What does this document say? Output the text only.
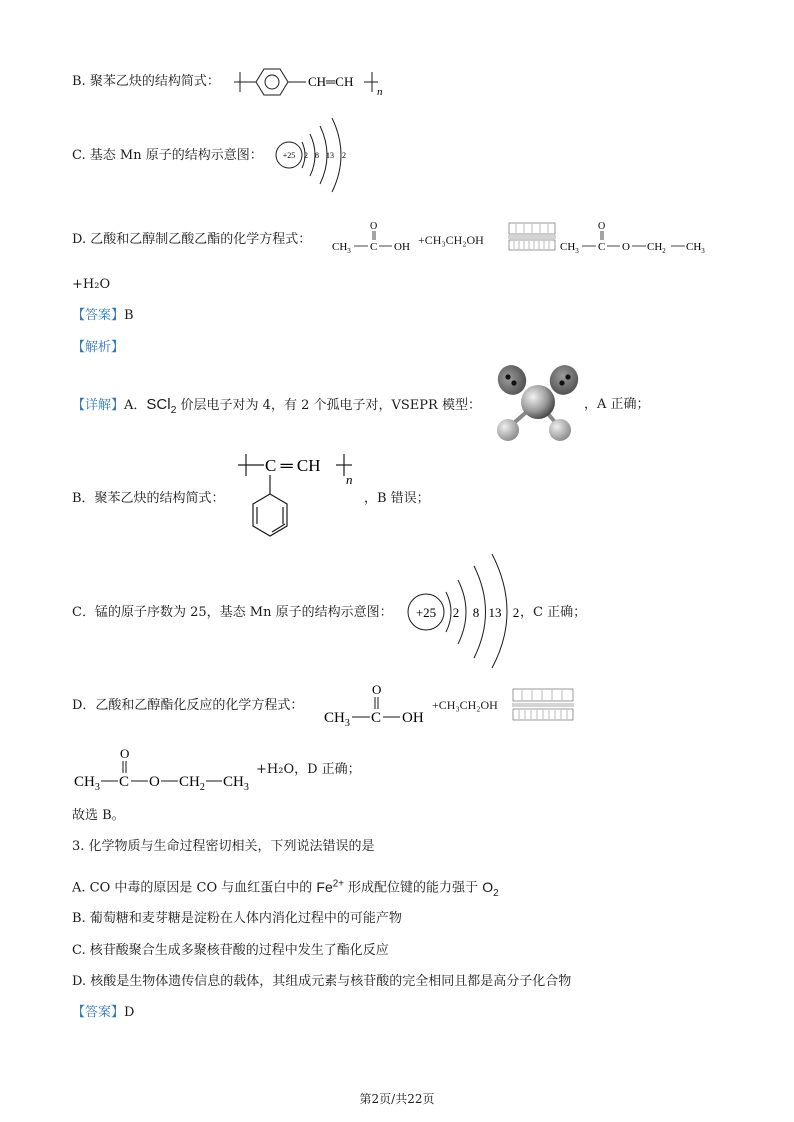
B. 聚苯乙炔的结构简式：	CH═CH
n
C. 基态 Mn 原子的结构示意图：	+25 2 8 13 2
D. 乙酸和乙醇制乙酸乙酯的化学方程式：
O
$CH_3$ C OH +CH₃CH₂OH
O
$CH_3$ C O $CH_2$ $CH_3$
+H₂O
【答案】B
【解析】
【详解】A．SCl$_2$ 价层电子对为 4，有 2 个孤电子对，VSEPR 模型：	，A 正确；
B．聚苯乙炔的结构简式：
C ═ CH
n
，B 错误；
C．锰的原子序数为 25，基态 Mn 原子的结构示意图： +25 2 8 13 2 ，C 正确；
D．乙酸和乙醇酯化反应的化学方程式：
O
$CH_3$ C OH
+CH₃CH₂OH
O
$CH_3$ C O $CH_2$ $CH_3$
+H₂O，D 正确；
故选 B。
3. 化学物质与生命过程密切相关，下列说法错误的是
A. CO 中毒的原因是 CO 与血红蛋白中的 $Fe^{2+}$ 形成配位键的能力强于 $O_2$
B. 葡萄糖和麦芽糖是淀粉在人体内消化过程中的可能产物
C. 核苷酸聚合生成多聚核苷酸的过程中发生了酯化反应
D. 核酸是生物体遗传信息的载体，其组成元素与核苷酸的完全相同且都是高分子化合物
【答案】D
第2页/共22页
